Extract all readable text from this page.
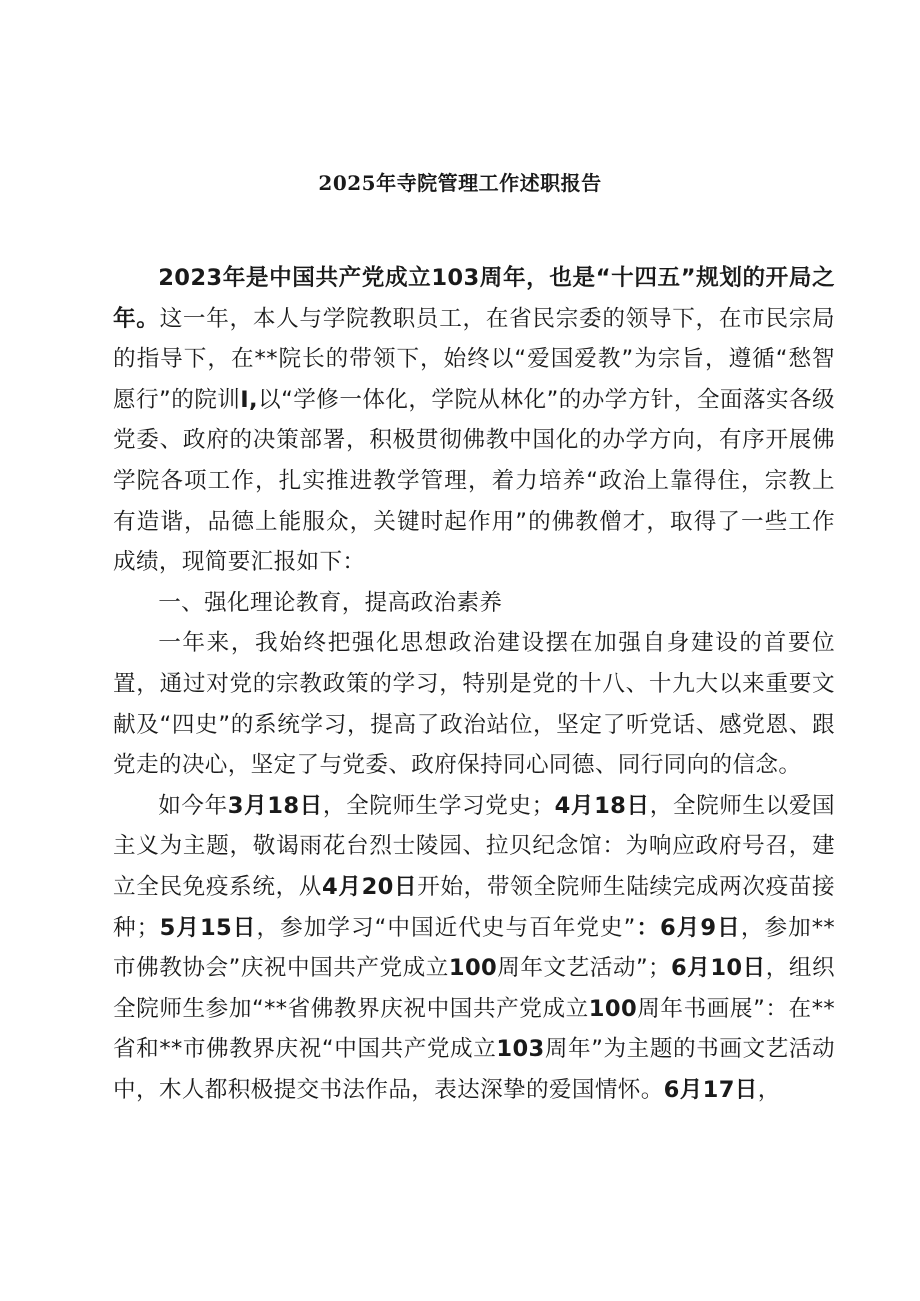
2025年寺院管理工作述职报告

2023年是中国共产党成立103周年，也是“十四五”规划的开局之年。这一年，本人与学院教职员工，在省民宗委的领导下，在市民宗局的指导下，在**院长的带领下，始终以“爱国爱教”为宗旨，遵循“愁智愿行”的院训I,以“学修一体化，学院从林化”的办学方针，全面落实各级党委、政府的决策部署，积极贯彻佛教中国化的办学方向，有序开展佛学院各项工作，扎实推进教学管理，着力培养“政治上靠得住，宗教上有造谐，品德上能服众，关键时起作用”的佛教僧才，取得了一些工作成绩，现简要汇报如下：

一、强化理论教育，提高政治素养

一年来，我始终把强化思想政治建设摆在加强自身建设的首要位置，通过对党的宗教政策的学习，特别是党的十八、十九大以来重要文献及“四史”的系统学习，提高了政治站位，坚定了听党话、感党恩、跟党走的决心，坚定了与党委、政府保持同心同德、同行同向的信念。

如今年3月18日，全院师生学习党史；4月18日，全院师生以爱国主义为主题，敬谒雨花台烈士陵园、拉贝纪念馆：为响应政府号召，建立全民免疫系统，从4月20日开始，带领全院师生陆续完成两次疫苗接种；5月15日，参加学习“中国近代史与百年党史”：6月9日，参加**市佛教协会”庆祝中国共产党成立100周年文艺活动”；6月10日，组织全院师生参加“**省佛教界庆祝中国共产党成立100周年书画展”：在**省和**市佛教界庆祝“中国共产党成立103周年”为主题的书画文艺活动中，木人都积极提交书法作品，表达深挚的爱国情怀。6月17日，
